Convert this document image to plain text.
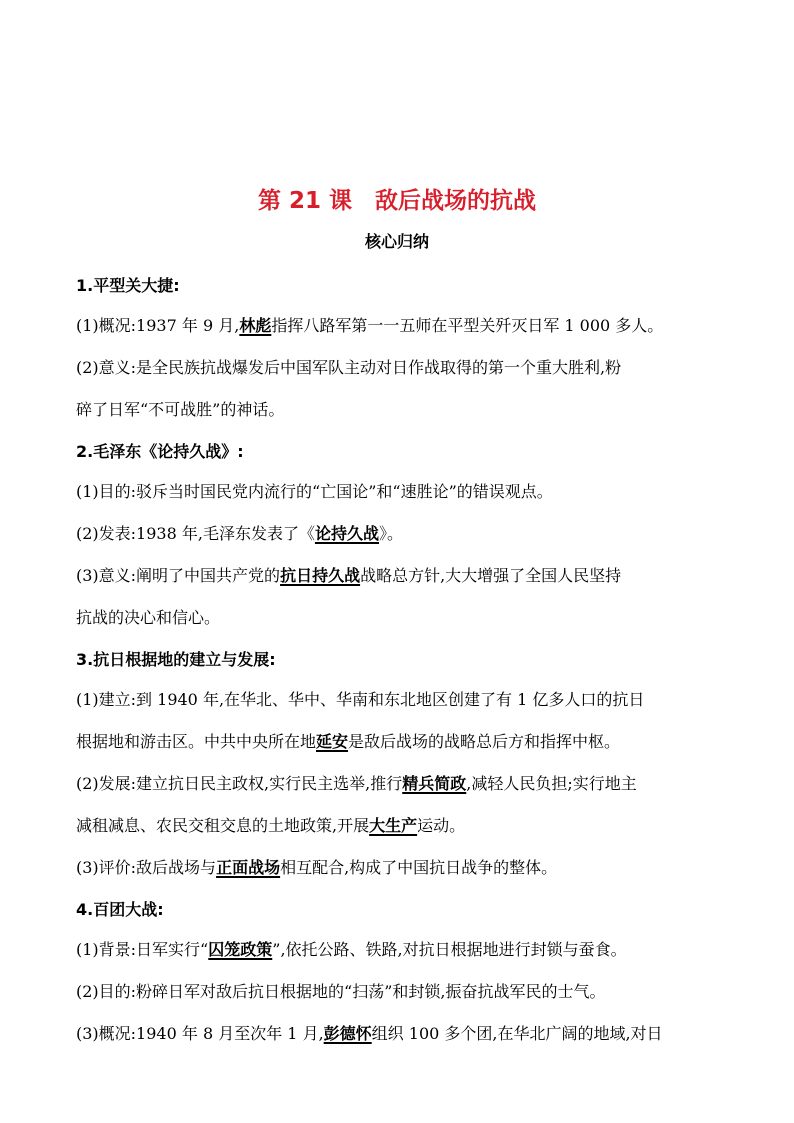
第 21 课　敌后战场的抗战
核心归纳
1.平型关大捷:
(1)概况:1937 年 9 月,林彪指挥八路军第一一五师在平型关歼灭日军 1 000 多人。
(2)意义:是全民族抗战爆发后中国军队主动对日作战取得的第一个重大胜利,粉
碎了日军“不可战胜”的神话。
2.毛泽东《论持久战》:
(1)目的:驳斥当时国民党内流行的“亡国论”和“速胜论”的错误观点。
(2)发表:1938 年,毛泽东发表了《论持久战》。
(3)意义:阐明了中国共产党的抗日持久战战略总方针,大大增强了全国人民坚持
抗战的决心和信心。
3.抗日根据地的建立与发展:
(1)建立:到 1940 年,在华北、华中、华南和东北地区创建了有 1 亿多人口的抗日
根据地和游击区。中共中央所在地延安是敌后战场的战略总后方和指挥中枢。
(2)发展:建立抗日民主政权,实行民主选举,推行精兵简政,减轻人民负担;实行地主
减租减息、农民交租交息的土地政策,开展大生产运动。
(3)评价:敌后战场与正面战场相互配合,构成了中国抗日战争的整体。
4.百团大战:
(1)背景:日军实行“囚笼政策”,依托公路、铁路,对抗日根据地进行封锁与蚕食。
(2)目的:粉碎日军对敌后抗日根据地的“扫荡”和封锁,振奋抗战军民的士气。
(3)概况:1940 年 8 月至次年 1 月,彭德怀组织 100 多个团,在华北广阔的地域,对日
